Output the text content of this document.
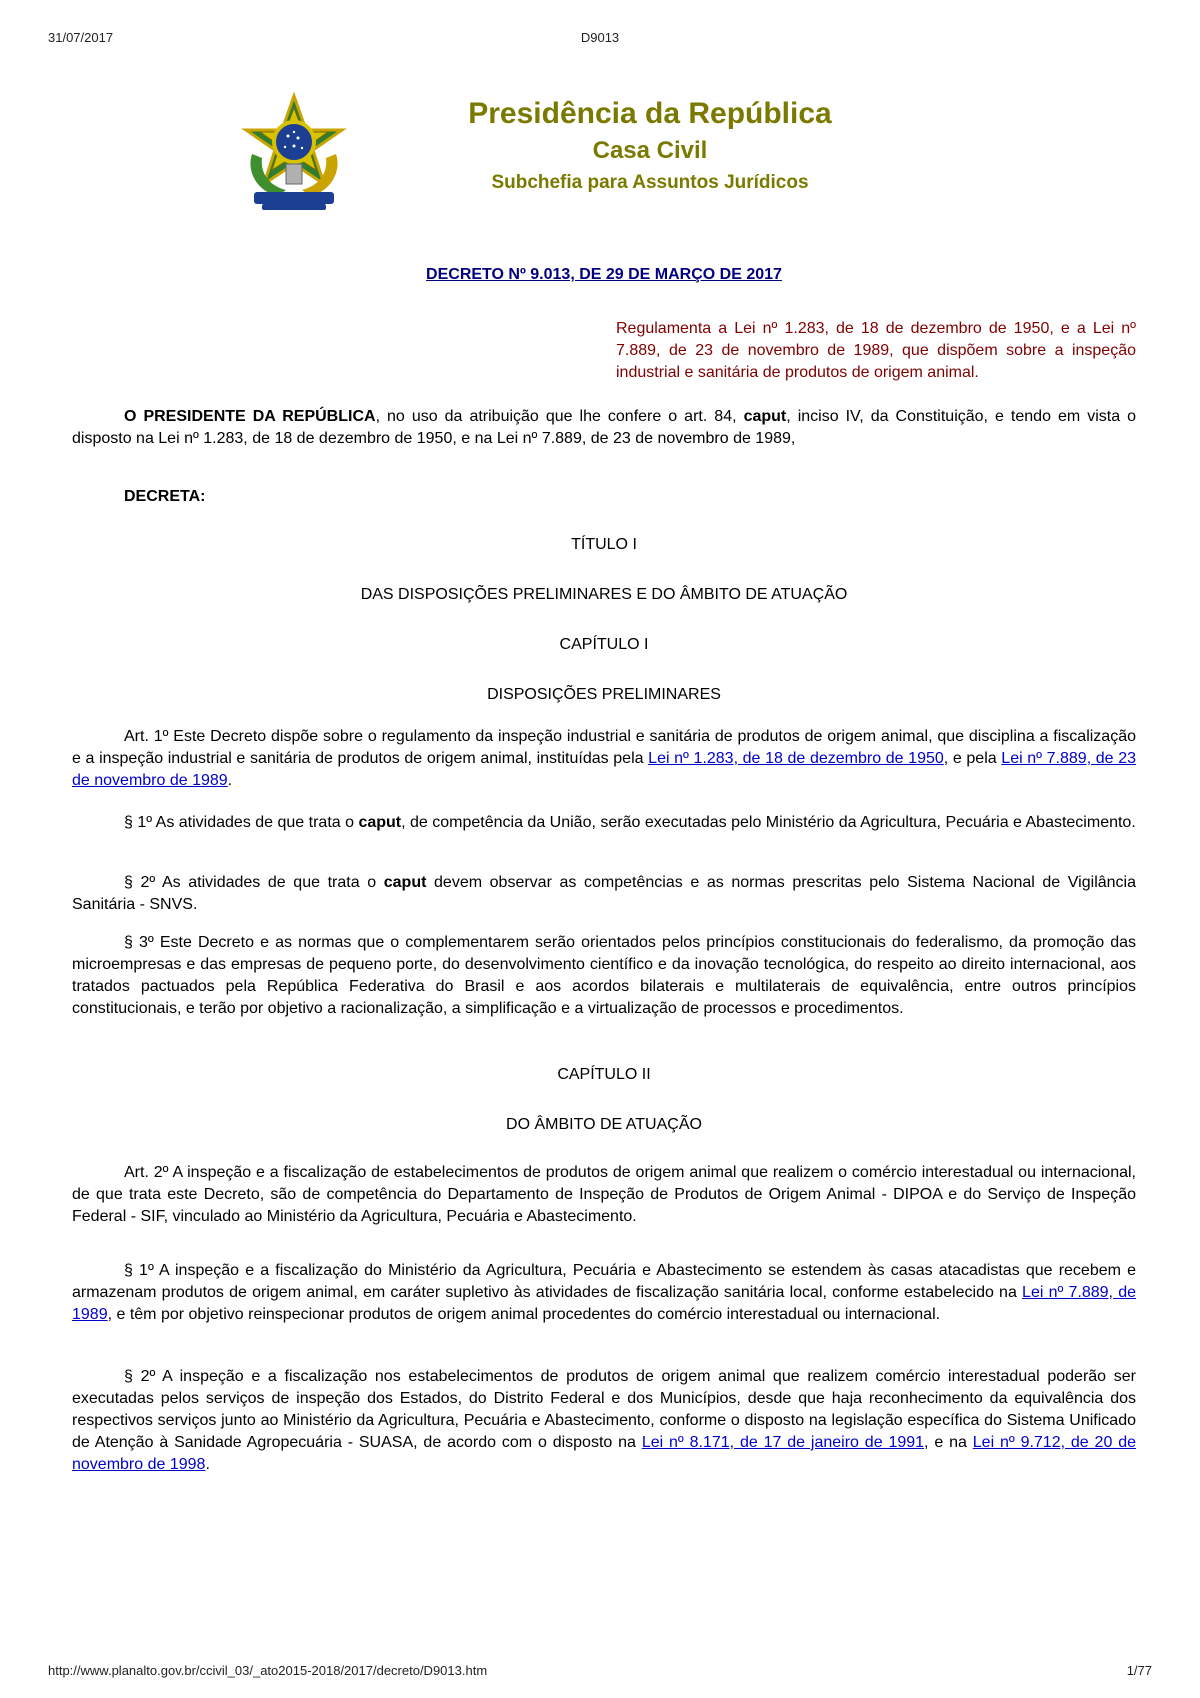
31/07/2017	D9013
Presidência da República
Casa Civil
Subchefia para Assuntos Jurídicos
DECRETO Nº 9.013, DE 29 DE MARÇO DE 2017
Regulamenta a Lei nº 1.283, de 18 de dezembro de 1950, e a Lei nº 7.889, de 23 de novembro de 1989, que dispõem sobre a inspeção industrial e sanitária de produtos de origem animal.
O PRESIDENTE DA REPÚBLICA, no uso da atribuição que lhe confere o art. 84, caput, inciso IV, da Constituição, e tendo em vista o disposto na Lei nº 1.283, de 18 de dezembro de 1950, e na Lei nº 7.889, de 23 de novembro de 1989,
DECRETA:
TÍTULO I
DAS DISPOSIÇÕES PRELIMINARES E DO ÂMBITO DE ATUAÇÃO
CAPÍTULO I
DISPOSIÇÕES PRELIMINARES
Art. 1º Este Decreto dispõe sobre o regulamento da inspeção industrial e sanitária de produtos de origem animal, que disciplina a fiscalização e a inspeção industrial e sanitária de produtos de origem animal, instituídas pela Lei nº 1.283, de 18 de dezembro de 1950, e pela Lei nº 7.889, de 23 de novembro de 1989.
§ 1º As atividades de que trata o caput, de competência da União, serão executadas pelo Ministério da Agricultura, Pecuária e Abastecimento.
§ 2º As atividades de que trata o caput devem observar as competências e as normas prescritas pelo Sistema Nacional de Vigilância Sanitária - SNVS.
§ 3º Este Decreto e as normas que o complementarem serão orientados pelos princípios constitucionais do federalismo, da promoção das microempresas e das empresas de pequeno porte, do desenvolvimento científico e da inovação tecnológica, do respeito ao direito internacional, aos tratados pactuados pela República Federativa do Brasil e aos acordos bilaterais e multilaterais de equivalência, entre outros princípios constitucionais, e terão por objetivo a racionalização, a simplificação e a virtualização de processos e procedimentos.
CAPÍTULO II
DO ÂMBITO DE ATUAÇÃO
Art. 2º A inspeção e a fiscalização de estabelecimentos de produtos de origem animal que realizem o comércio interestadual ou internacional, de que trata este Decreto, são de competência do Departamento de Inspeção de Produtos de Origem Animal - DIPOA e do Serviço de Inspeção Federal - SIF, vinculado ao Ministério da Agricultura, Pecuária e Abastecimento.
§ 1º A inspeção e a fiscalização do Ministério da Agricultura, Pecuária e Abastecimento se estendem às casas atacadistas que recebem e armazenam produtos de origem animal, em caráter supletivo às atividades de fiscalização sanitária local, conforme estabelecido na Lei nº 7.889, de 1989, e têm por objetivo reinspecionar produtos de origem animal procedentes do comércio interestadual ou internacional.
§ 2º A inspeção e a fiscalização nos estabelecimentos de produtos de origem animal que realizem comércio interestadual poderão ser executadas pelos serviços de inspeção dos Estados, do Distrito Federal e dos Municípios, desde que haja reconhecimento da equivalência dos respectivos serviços junto ao Ministério da Agricultura, Pecuária e Abastecimento, conforme o disposto na legislação específica do Sistema Unificado de Atenção à Sanidade Agropecuária - SUASA, de acordo com o disposto na Lei nº 8.171, de 17 de janeiro de 1991, e na Lei nº 9.712, de 20 de novembro de 1998.
http://www.planalto.gov.br/ccivil_03/_ato2015-2018/2017/decreto/D9013.htm	1/77
